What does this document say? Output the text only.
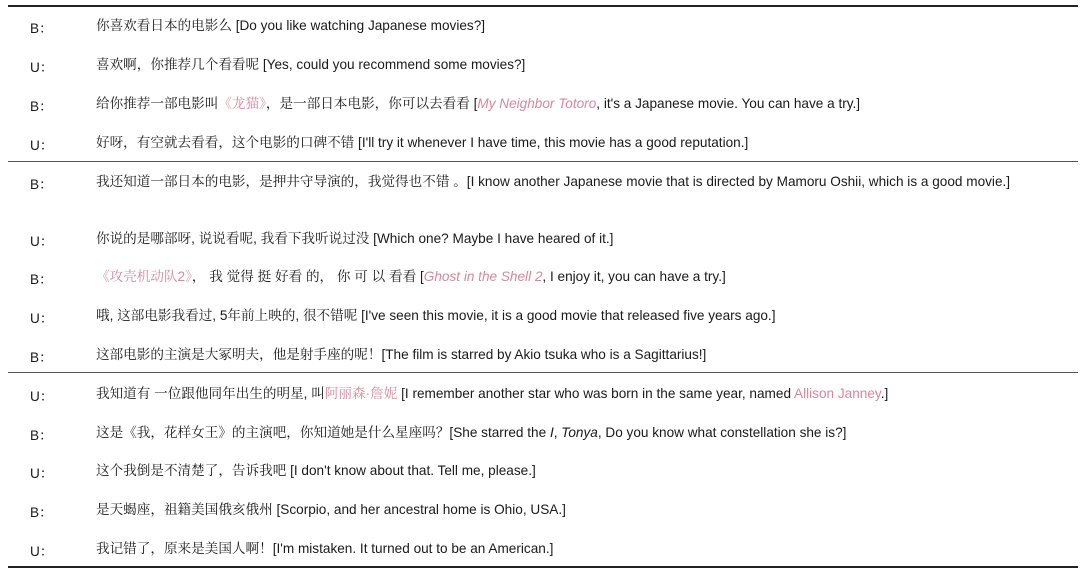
B：	你喜欢看日本的电影么 [Do you like watching Japanese movies?]
U：	喜欢啊，你推荐几个看看呢 [Yes, could you recommend some movies?]
B：	给你推荐一部电影叫《龙猫》，是一部日本电影，你可以去看看 [My Neighbor Totoro, it's a Japanese movie. You can have a try.]
U：	好呀，有空就去看看，这个电影的口碑不错 [I'll try it whenever I have time, this movie has a good reputation.]
B：	我还知道一部日本的电影，是押井守导演的，我觉得也不错 。[I know another Japanese movie that is directed by Mamoru Oshii, which is a good movie.]
U：	你说的是哪部呀, 说说看呢, 我看下我听说过没 [Which one? Maybe I have heared of it.]
B：	《攻壳机动队2》， 我 觉得 挺 好看 的， 你 可 以 看看 [Ghost in the Shell 2, I enjoy it, you can have a try.]
U：	哦, 这部电影我看过, 5年前上映的, 很不错呢 [I've seen this movie, it is a good movie that released five years ago.]
B：	这部电影的主演是大冢明夫，他是射手座的呢！[The film is starred by Akio tsuka who is a Sagittarius!]
U：	我知道有 一位跟他同年出生的明星, 叫阿丽森·詹妮 [I remember another star who was born in the same year, named Allison Janney.]
B：	这是《我，花样女王》的主演吧，你知道她是什么星座吗？[She starred the I, Tonya, Do you know what constellation she is?]
U：	这个我倒是不清楚了，告诉我吧 [I don't know about that. Tell me, please.]
B：	是天蝎座，祖籍美国俄亥俄州 [Scorpio, and her ancestral home is Ohio, USA.]
U：	我记错了，原来是美国人啊！[I'm mistaken. It turned out to be an American.]
